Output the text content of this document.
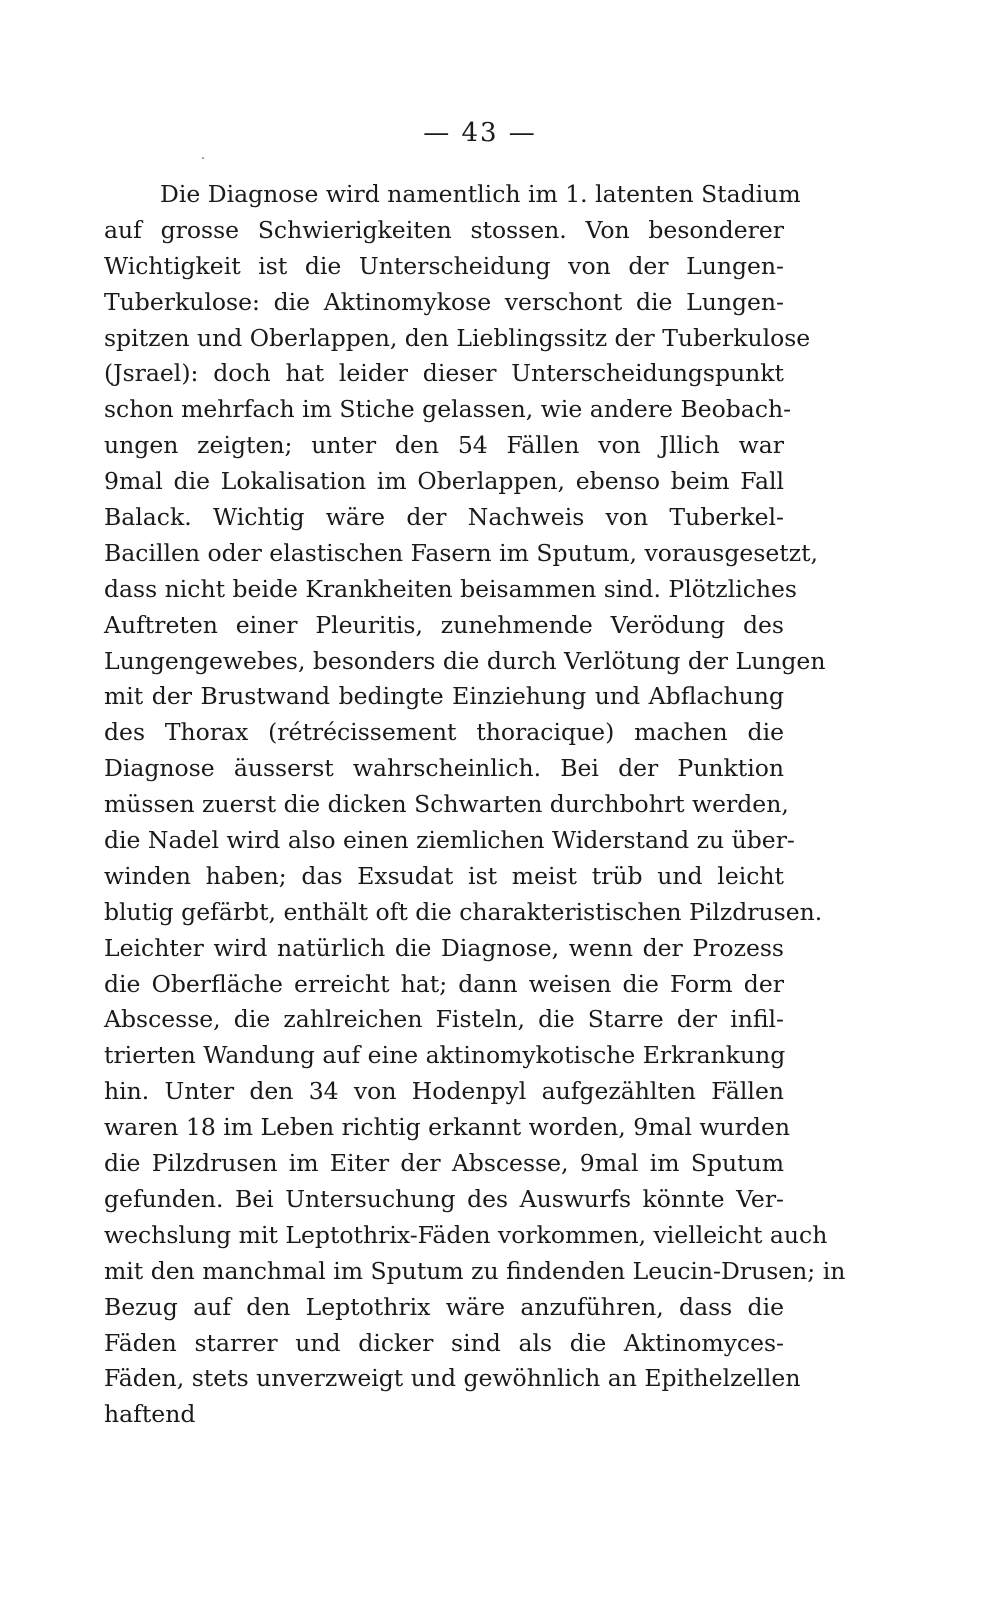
— 43 —
Die Diagnose wird namentlich im 1. latenten Stadium
auf grosse Schwierigkeiten stossen. Von besonderer
Wichtigkeit ist die Unterscheidung von der Lungen-
Tuberkulose: die Aktinomykose verschont die Lungen-
spitzen und Oberlappen, den Lieblingssitz der Tuberkulose
(Jsrael): doch hat leider dieser Unterscheidungspunkt
schon mehrfach im Stiche gelassen, wie andere Beobach-
ungen zeigten; unter den 54 Fällen von Jllich war
9mal die Lokalisation im Oberlappen, ebenso beim Fall
Balack. Wichtig wäre der Nachweis von Tuberkel-
Bacillen oder elastischen Fasern im Sputum, vorausgesetzt,
dass nicht beide Krankheiten beisammen sind. Plötzliches
Auftreten einer Pleuritis, zunehmende Verödung des
Lungengewebes, besonders die durch Verlötung der Lungen
mit der Brustwand bedingte Einziehung und Abflachung
des Thorax (rétrécissement thoracique) machen die
Diagnose äusserst wahrscheinlich. Bei der Punktion
müssen zuerst die dicken Schwarten durchbohrt werden,
die Nadel wird also einen ziemlichen Widerstand zu über-
winden haben; das Exsudat ist meist trüb und leicht
blutig gefärbt, enthält oft die charakteristischen Pilzdrusen.
Leichter wird natürlich die Diagnose, wenn der Prozess
die Oberfläche erreicht hat; dann weisen die Form der
Abscesse, die zahlreichen Fisteln, die Starre der infil-
trierten Wandung auf eine aktinomykotische Erkrankung
hin. Unter den 34 von Hodenpyl aufgezählten Fällen
waren 18 im Leben richtig erkannt worden, 9mal wurden
die Pilzdrusen im Eiter der Abscesse, 9mal im Sputum
gefunden. Bei Untersuchung des Auswurfs könnte Ver-
wechslung mit Leptothrix-Fäden vorkommen, vielleicht auch
mit den manchmal im Sputum zu findenden Leucin-Drusen; in
Bezug auf den Leptothrix wäre anzuführen, dass die
Fäden starrer und dicker sind als die Aktinomyces-
Fäden, stets unverzweigt und gewöhnlich an Epithelzellen
haftend
